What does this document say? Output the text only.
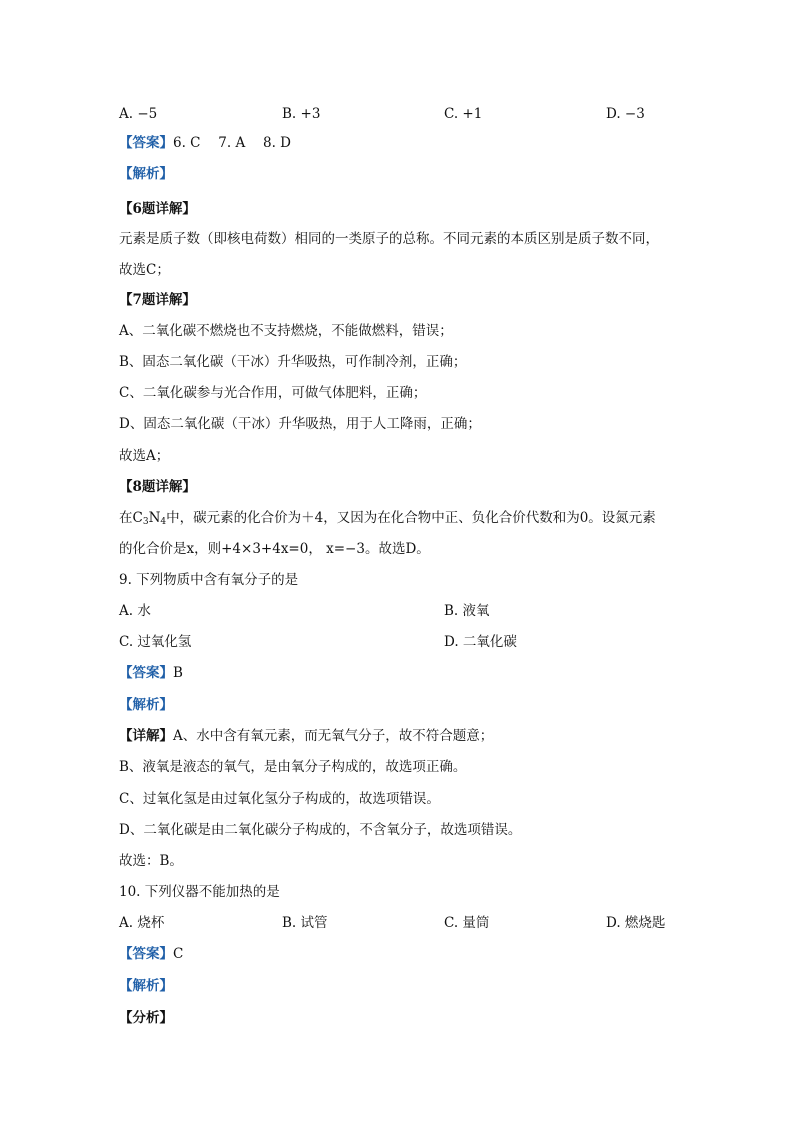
A. −5	B. +3	C. +1	D. −3
【答案】6. C　 7. A　 8. D
【解析】
【6题详解】
元素是质子数（即核电荷数）相同的一类原子的总称。不同元素的本质区别是质子数不同，
故选C；
【7题详解】
A、二氧化碳不燃烧也不支持燃烧，不能做燃料，错误；
B、固态二氧化碳（干冰）升华吸热，可作制冷剂，正确；
C、二氧化碳参与光合作用，可做气体肥料，正确；
D、固态二氧化碳（干冰）升华吸热，用于人工降雨，正确；
故选A；
【8题详解】
在$C_3N_4$中，碳元素的化合价为＋4，又因为在化合物中正、负化合价代数和为0。设氮元素
的化合价是x，则+4×3+4x=0， x=−3。故选D。
9. 下列物质中含有氧分子的是
A. 水	B. 液氧
C. 过氧化氢	D. 二氧化碳
【答案】B
【解析】
【详解】A、水中含有氧元素，而无氧气分子，故不符合题意；
B、液氧是液态的氧气，是由氧分子构成的，故选项正确。
C、过氧化氢是由过氧化氢分子构成的，故选项错误。
D、二氧化碳是由二氧化碳分子构成的，不含氧分子，故选项错误。
故选：B。
10. 下列仪器不能加热的是
A. 烧杯	B. 试管	C. 量筒	D. 燃烧匙
【答案】C
【解析】
【分析】
